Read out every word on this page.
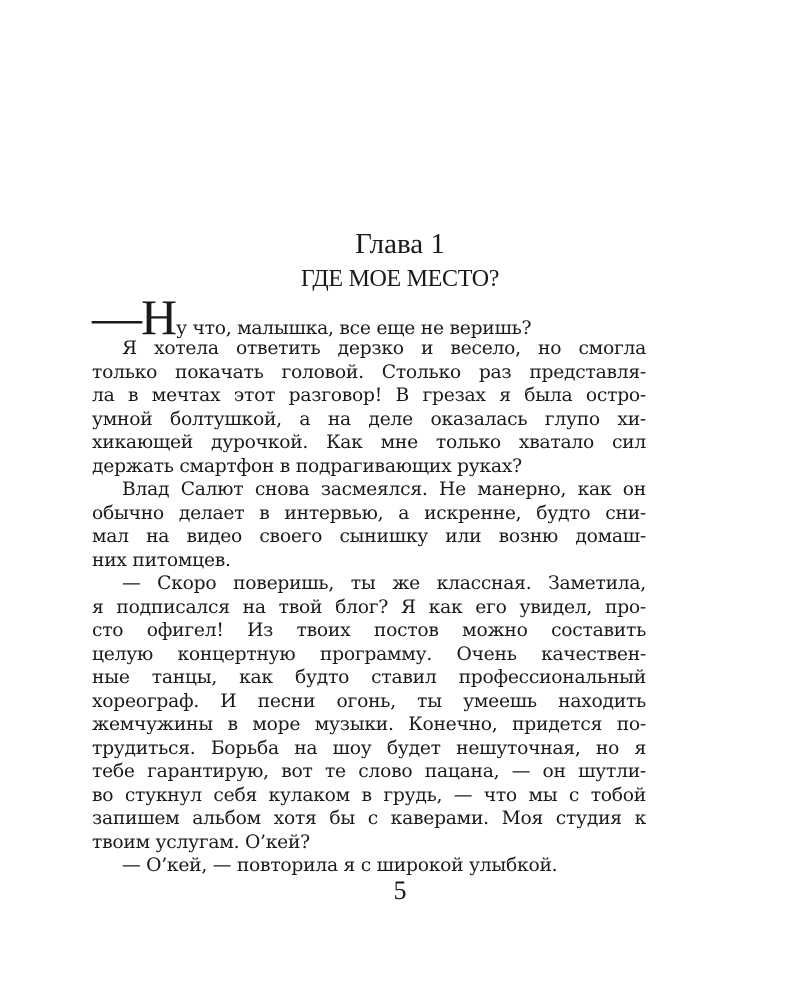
Глава 1
ГДЕ МОЕ МЕСТО?
—Ну что, малышка, все еще не веришь?
Я хотела ответить дерзко и весело, но смогла
только покачать головой. Столько раз представля-
ла в мечтах этот разговор! В грезах я была остро-
умной болтушкой, а на деле оказалась глупо хи-
хикающей дурочкой. Как мне только хватало сил
держать смартфон в подрагивающих руках?
Влад Салют снова засмеялся. Не манерно, как он
обычно делает в интервью, а искренне, будто сни-
мал на видео своего сынишку или возню домаш-
них питомцев.
— Скоро поверишь, ты же классная. Заметила,
я подписался на твой блог? Я как его увидел, про-
сто офигел! Из твоих постов можно составить
целую концертную программу. Очень качествен-
ные танцы, как будто ставил профессиональный
хореограф. И песни огонь, ты умеешь находить
жемчужины в море музыки. Конечно, придется по-
трудиться. Борьба на шоу будет нешуточная, но я
тебе гарантирую, вот те слово пацана, — он шутли-
во стукнул себя кулаком в грудь, — что мы с тобой
запишем альбом хотя бы с каверами. Моя студия к
твоим услугам. О’кей?
— О’кей, — повторила я с широкой улыбкой.
5
